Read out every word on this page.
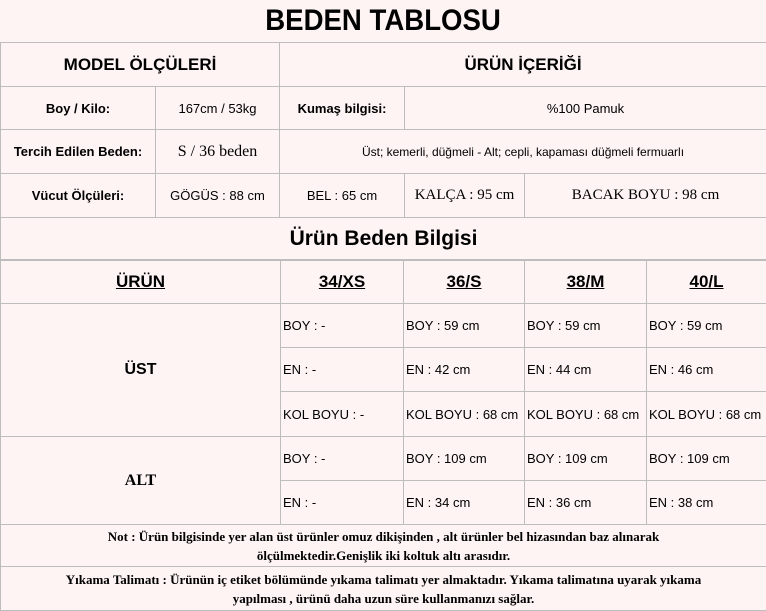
BEDEN TABLOSU
MODEL ÖLÇÜLERİ		ÜRÜN İÇERİĞİ		
Boy / Kilo:	167cm / 53kg	Kumaş bilgisi:	%100 Pamuk	
Tercih Edilen Beden:	S / 36 beden	Üst; kemerli, düğmeli - Alt; cepli, kapaması düğmeli fermuarlı		
Vücut Ölçüleri:	GÖGÜS : 88 cm	BEL : 65 cm	KALÇA : 95 cm	BACAK BOYU : 98 cm
Ürün Beden Bilgisi				
ÜRÜN	34/XS	36/S	38/M	40/L
ÜST	BOY : -	BOY : 59 cm	BOY : 59 cm	BOY : 59 cm
	EN : -	EN : 42 cm	EN : 44 cm	EN : 46 cm
	KOL BOYU : -	KOL BOYU : 68 cm	KOL BOYU : 68 cm	KOL BOYU : 68 cm
ALT	BOY : -	BOY : 109 cm	BOY : 109 cm	BOY : 109 cm
	EN : -	EN : 34 cm	EN : 36 cm	EN : 38 cm

Not : Ürün bilgisinde yer alan üst ürünler omuz dikişinden , alt ürünler bel hizasından baz alınarak
ölçülmektedir.Genişlik iki koltuk altı arasıdır.				

Yıkama Talimatı : Ürünün iç etiket bölümünde yıkama talimatı yer almaktadır. Yıkama talimatına uyarak yıkama
yapılması , ürünü daha uzun süre kullanmanızı sağlar.				
